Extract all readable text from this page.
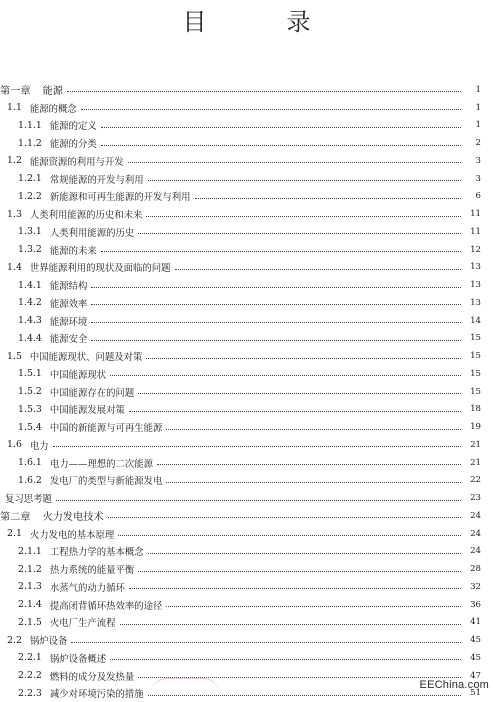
目　录
第一章 能源	1
1.1 能源的概念	1
1.1.1 能源的定义	1
1.1.2 能源的分类	2
1.2 能源资源的利用与开发	3
1.2.1 常规能源的开发与利用	3
1.2.2 新能源和可再生能源的开发与利用	6
1.3 人类利用能源的历史和未来	11
1.3.1 人类利用能源的历史	11
1.3.2 能源的未来	12
1.4 世界能源利用的现状及面临的问题	13
1.4.1 能源结构	13
1.4.2 能源效率	13
1.4.3 能源环境	14
1.4.4 能源安全	15
1.5 中国能源现状、问题及对策	15
1.5.1 中国能源现状	15
1.5.2 中国能源存在的问题	15
1.5.3 中国能源发展对策	18
1.5.4 中国的新能源与可再生能源	19
1.6 电力	21
1.6.1 电力——理想的二次能源	21
1.6.2 发电厂的类型与新能源发电	22
复习思考题	23
第二章 火力发电技术	24
2.1 火力发电的基本原理	24
2.1.1 工程热力学的基本概念	24
2.1.2 热力系统的能量平衡	28
2.1.3 水蒸气的动力循环	32
2.1.4 提高闭背循环热效率的途径	36
2.1.5 火电厂生产流程	41
2.2 锅炉设备	45
2.2.1 锅炉设备概述	45
2.2.2 燃料的成分及发热量	47
2.2.3 减少对环境污染的措施	51
EEChina.com
